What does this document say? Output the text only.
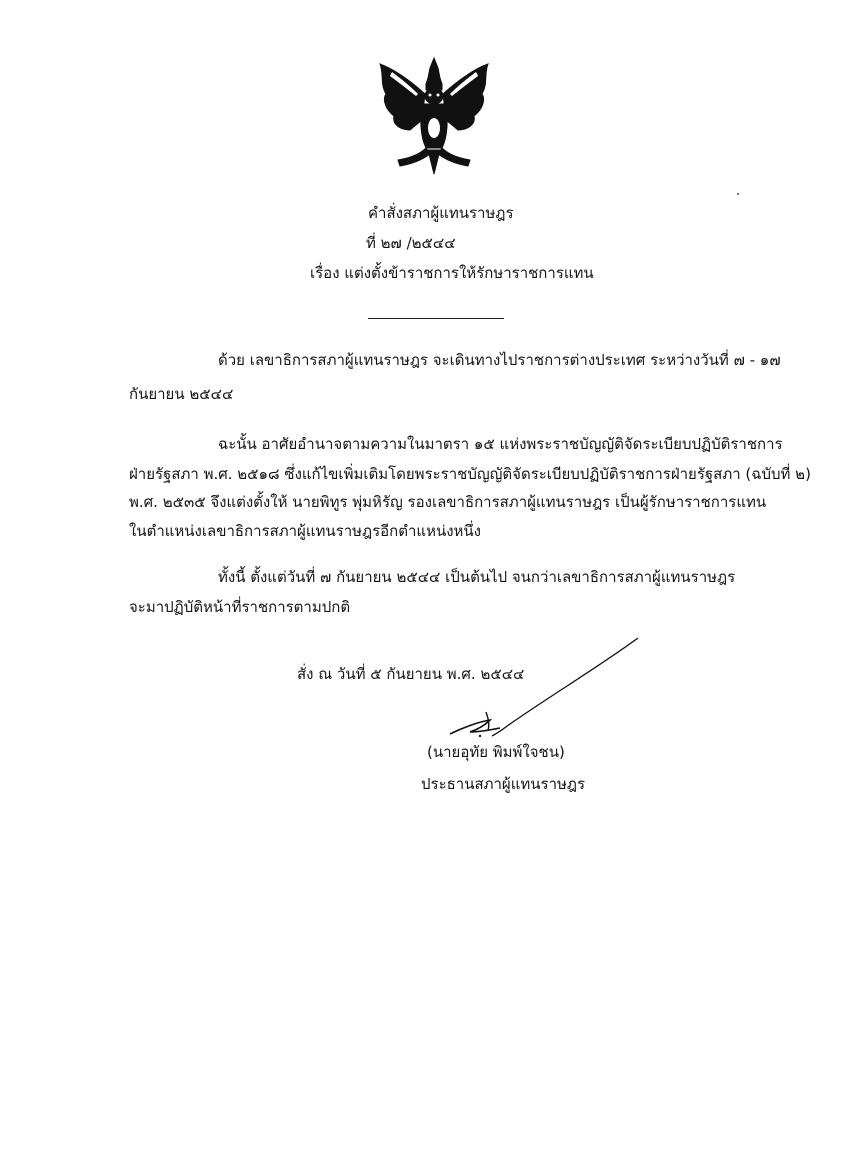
คำสั่งสภาผู้แทนราษฎร
ที่ ๒๗ /๒๕๔๔
เรื่อง แต่งตั้งข้าราชการให้รักษาราชการแทน
ด้วย เลขาธิการสภาผู้แทนราษฎร จะเดินทางไปราชการต่างประเทศ ระหว่างวันที่ ๗ - ๑๗
กันยายน ๒๕๔๔
ฉะนั้น อาศัยอำนาจตามความในมาตรา ๑๕ แห่งพระราชบัญญัติจัดระเบียบปฏิบัติราชการ
ฝ่ายรัฐสภา พ.ศ. ๒๕๑๘ ซึ่งแก้ไขเพิ่มเติมโดยพระราชบัญญัติจัดระเบียบปฏิบัติราชการฝ่ายรัฐสภา (ฉบับที่ ๒)
พ.ศ. ๒๕๓๕ จึงแต่งตั้งให้ นายพิทูร พุ่มหิรัญ รองเลขาธิการสภาผู้แทนราษฎร เป็นผู้รักษาราชการแทน
ในตำแหน่งเลขาธิการสภาผู้แทนราษฎรอีกตำแหน่งหนึ่ง
ทั้งนี้ ตั้งแต่วันที่ ๗ กันยายน ๒๕๔๔ เป็นต้นไป จนกว่าเลขาธิการสภาผู้แทนราษฎร
จะมาปฏิบัติหน้าที่ราชการตามปกติ
สั่ง ณ วันที่ ๕ กันยายน พ.ศ. ๒๕๔๔
(นายอุทัย พิมพ์ใจชน)
ประธานสภาผู้แทนราษฎร
